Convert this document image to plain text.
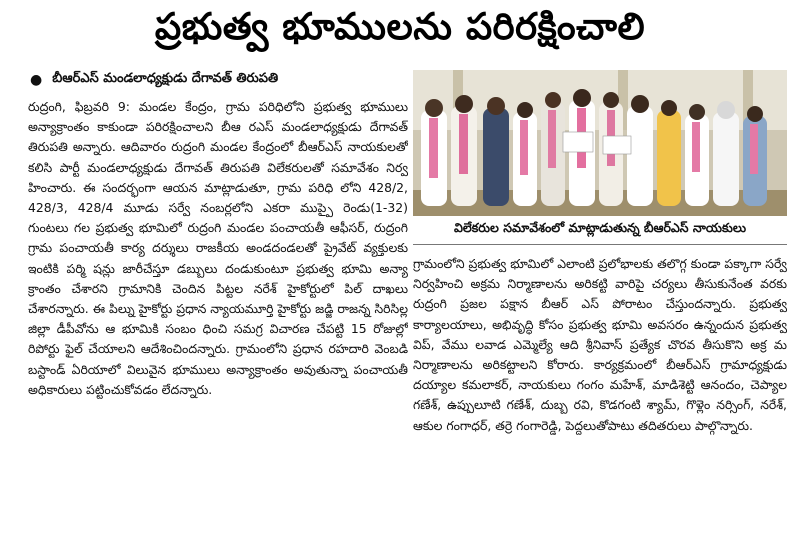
ప్రభుత్వ భూములను పరిరక్షించాలి
● బీఆర్ఎస్ మండలాధ్యక్షుడు దేగావత్ తిరుపతి
రుద్రంగి, ఫిబ్రవరి 9: మండల కేంద్రం, గ్రామ పరిధిలోని ప్రభుత్వ భూములు అన్యాక్రాంతం కాకుండా పరిరక్షించాలని బీఆ రఎస్ మండలాధ్యక్షుడు దేగావత్ తిరుపతి అన్నారు. ఆదివారం రుద్రంగి మండల కేంద్రంలో బీఆర్ఎస్ నాయకులతో కలిసి పార్టీ మండలాధ్యక్షుడు దేగావత్ తిరుపతి విలేకరులతో సమావేశం నిర్వ హించారు. ఈ సందర్భంగా ఆయన మాట్లాడుతూ, గ్రామ పరిధి లోని 428/2, 428/3, 428/4 మూడు సర్వే నంబర్లలోని ఎకరా ముప్పై రెండు(1-32) గుంటలు గల ప్రభుత్వ భూమిలో రుద్రంగి మండల పంచాయతీ ఆఫీసర్, రుద్రంగి గ్రామ పంచాయతీ కార్య దర్శులు రాజకీయ అండదండలతో ప్రైవేట్ వ్యక్తులకు ఇంటికి పర్మి షన్లు జారీచేస్తూ డబ్బులు దండుకుంటూ ప్రభుత్వ భూమి అన్యా క్రాంతం చేశారని గ్రామానికి చెందిన పిట్టల నరేశ్ హైకోర్టులో పిల్ దాఖలు చేశారన్నారు. ఈ పిల్ను హైకోర్టు ప్రధాన న్యాయమూర్తి హైకోర్టు జడ్జి రాజన్న సిరిసిల్ల జిల్లా డీపీవోను ఆ భూమికి సంబం ధించి సమగ్ర విచారణ చేపట్టి 15 రోజుల్లో రిపోర్టు ఫైల్ చేయాలని ఆదేశించిందన్నారు. గ్రామంలోని ప్రధాన రహదారి వెంబడి బస్టాండ్ ఏరియాలో విలువైన భూములు అన్యాక్రాంతం అవుతున్నా పంచాయతీ అధికారులు పట్టించుకోవడం లేదన్నారు.
విలేకరుల సమావేశంలో మాట్లాడుతున్న బీఆర్ఎస్ నాయకులు
గ్రామంలోని ప్రభుత్వ భూమిలో ఎలాంటి ప్రలోభాలకు తలొగ్గ కుండా పక్కాగా సర్వే నిర్వహించి అక్రమ నిర్మాణాలను అరికట్టి వారిపై చర్యలు తీసుకునేంత వరకు రుద్రంగి ప్రజల పక్షాన బీఆర్ ఎస్ పోరాటం చేస్తుందన్నారు. ప్రభుత్వ కార్యాలయాలు, అభివృద్ధి కోసం ప్రభుత్వ భూమి అవసరం ఉన్నందున ప్రభుత్వ విప్, వేము లవాడ ఎమ్మెల్యే ఆది శ్రీనివాస్ ప్రత్యేక చొరవ తీసుకొని అక్ర మ నిర్మాణాలను అరికట్టాలని కోరారు. కార్యక్రమంలో బీఆర్ఎస్ గ్రామాధ్యక్షుడు దయ్యాల కమలాకర్, నాయకులు గంగం మహేశ్, మాడిశెట్టి ఆనందం, చెప్యాల గణేశ్, ఉప్పులూటి గణేశ్, దుబ్బ రవి, కొడగంటి శ్యామ్, గొళ్లెం నర్సింగ్, నరేశ్, ఆకుల గంగాధర్, తర్రె గంగారెడ్డి, పెద్దలుతోపాటు తదితరులు పాల్గొన్నారు.
